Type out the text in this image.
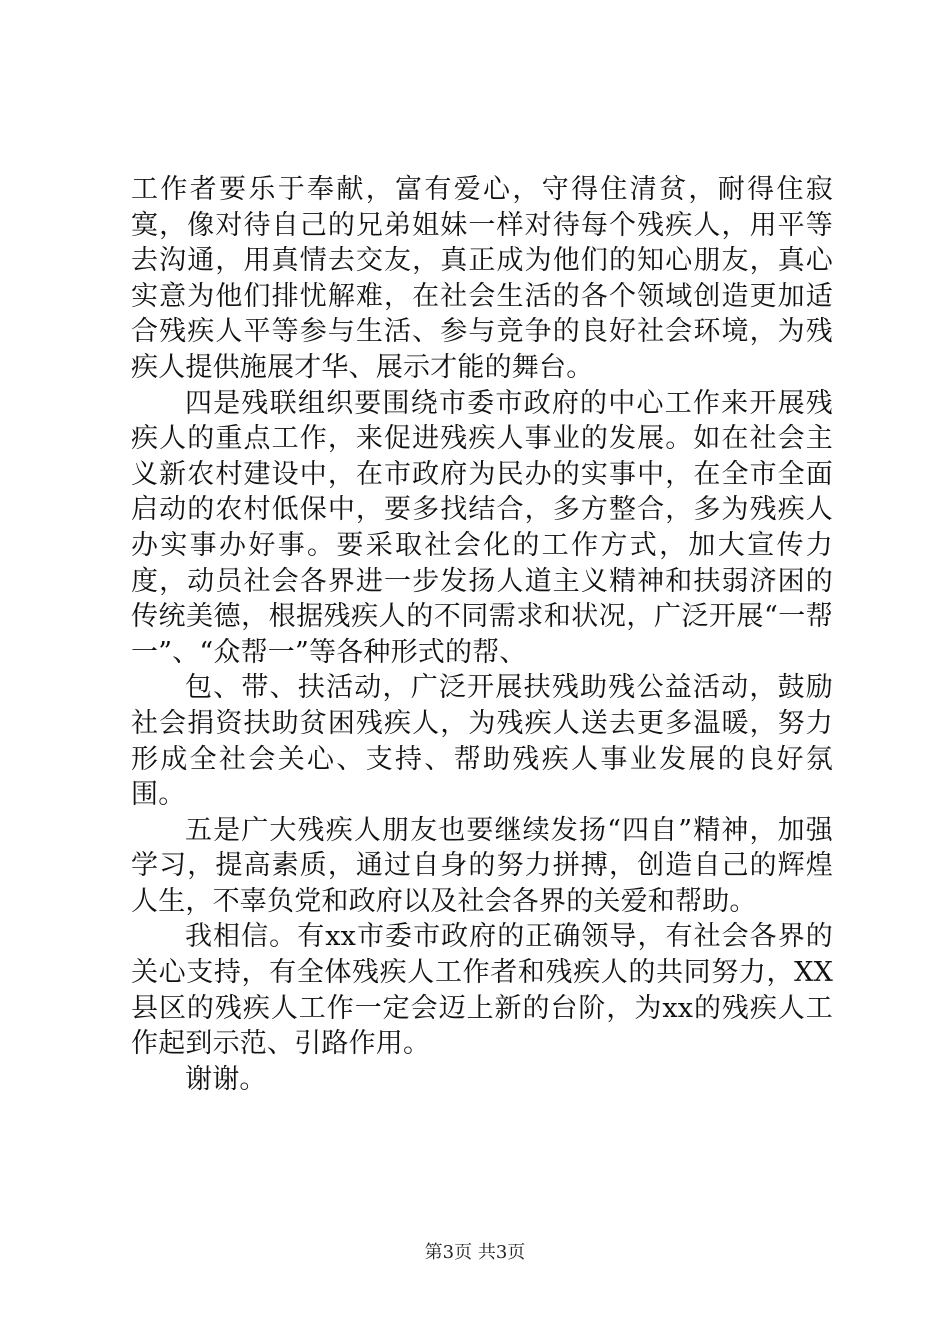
工作者要乐于奉献，富有爱心，守得住清贫，耐得住寂寞，像对待自己的兄弟姐妹一样对待每个残疾人，用平等去沟通，用真情去交友，真正成为他们的知心朋友，真心实意为他们排忧解难，在社会生活的各个领域创造更加适合残疾人平等参与生活、参与竞争的良好社会环境，为残疾人提供施展才华、展示才能的舞台。

四是残联组织要围绕市委市政府的中心工作来开展残疾人的重点工作，来促进残疾人事业的发展。如在社会主义新农村建设中，在市政府为民办的实事中，在全市全面启动的农村低保中，要多找结合，多方整合，多为残疾人办实事办好事。要采取社会化的工作方式，加大宣传力度，动员社会各界进一步发扬人道主义精神和扶弱济困的传统美德，根据残疾人的不同需求和状况，广泛开展“一帮一”、“众帮一”等各种形式的帮、

包、带、扶活动，广泛开展扶残助残公益活动，鼓励社会捐资扶助贫困残疾人，为残疾人送去更多温暖，努力形成全社会关心、支持、帮助残疾人事业发展的良好氛围。

五是广大残疾人朋友也要继续发扬“四自”精神，加强学习，提高素质，通过自身的努力拼搏，创造自己的辉煌人生，不辜负党和政府以及社会各界的关爱和帮助。

我相信。有xx市委市政府的正确领导，有社会各界的关心支持，有全体残疾人工作者和残疾人的共同努力，XX县区的残疾人工作一定会迈上新的台阶，为xx的残疾人工作起到示范、引路作用。

谢谢。

第3页 共3页
